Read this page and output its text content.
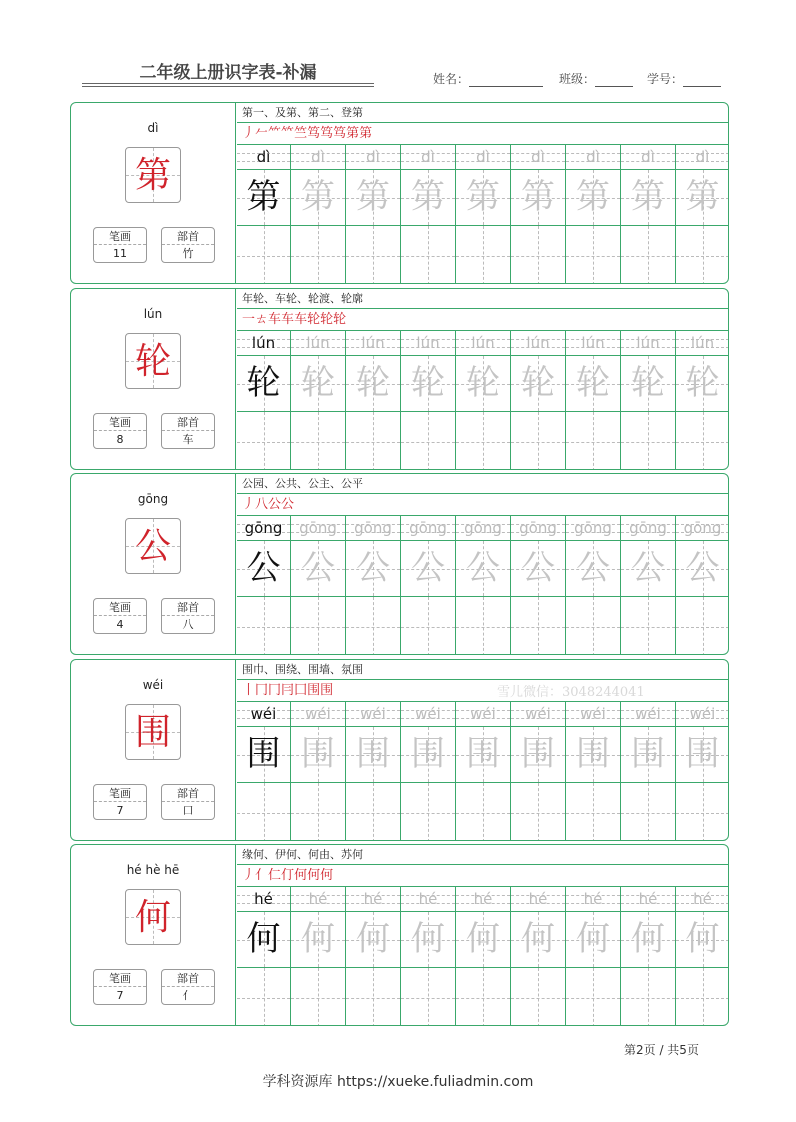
二年级上册识字表-补漏	姓名：	班级：	学号：
dì
第
笔画
11
部首
竹
第一、及第、第二、登第
丿𠂉⺮𥫗竺笃笃笃第第
dì	dì	dì	dì	dì	dì	dì	dì	dì
第 第 第 第 第 第 第 第 第
lún
轮
笔画
8
部首
车
年轮、车轮、轮渡、轮廓
一ㄊ车车车轮轮轮
lún	lún	lún	lún	lún	lún	lún	lún	lún
轮 轮 轮 轮 轮 轮 轮 轮 轮
gōng
公
笔画
4
部首
八
公园、公共、公主、公平
丿八公公
gōng	gōng	gōng	gōng	gōng	gōng	gōng	gōng	gōng
公 公 公 公 公 公 公 公 公
wéi
围
笔画
7
部首
口
围巾、围绕、围墙、氛围
丨冂冂冃囗围围
wéi	wéi	wéi	wéi	wéi	wéi	wéi	wéi	wéi
围 围 围 围 围 围 围 围 围
hé hè hē
何
笔画
7
部首
亻
缘何、伊何、何由、苏何
丿亻仁仃何何何
hé	hé	hé	hé	hé	hé	hé	hé	hé
何 何 何 何 何 何 何 何 何
雪儿微信：3048244041
第2页 / 共5页
学科资源库 https://xueke.fuliadmin.com
